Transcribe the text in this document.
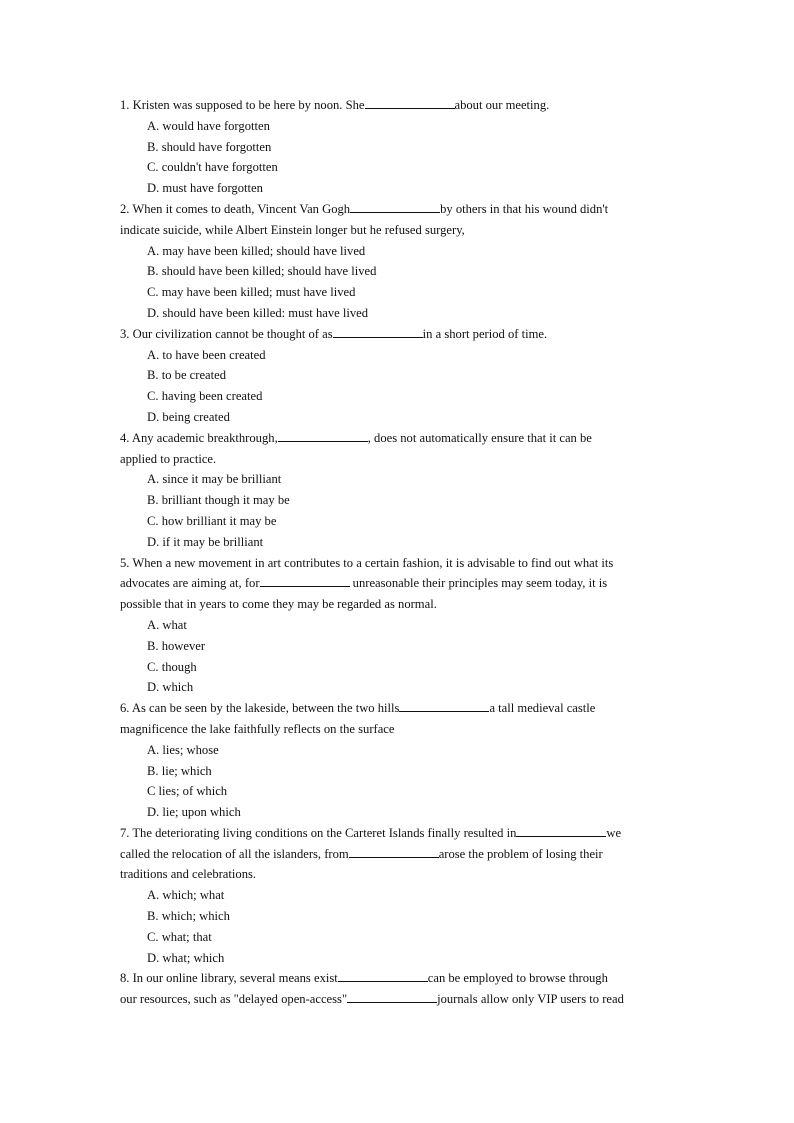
1. Kristen was supposed to be here by noon. She	about our meeting.
A. would have forgotten
B. should have forgotten
C. couldn't have forgotten
D. must have forgotten
2. When it comes to death, Vincent Van Gogh	by others in that his wound didn't
indicate suicide, while Albert Einstein longer but he refused surgery,
A. may have been killed; should have lived
B. should have been killed; should have lived
C. may have been killed; must have lived
D. should have been killed: must have lived
3. Our civilization cannot be thought of as	in a short period of time.
A. to have been created
B. to be created
C. having been created
D. being created
4. Any academic breakthrough,	, does not automatically ensure that it can be
applied to practice.
A. since it may be brilliant
B. brilliant though it may be
C. how brilliant it may be
D. if it may be brilliant
5. When a new movement in art contributes to a certain fashion, it is advisable to find out what its
advocates are aiming at, for	unreasonable their principles may seem today, it is
possible that in years to come they may be regarded as normal.
A. what
B. however
C. though
D. which
6. As can be seen by the lakeside, between the two hills	a tall medieval castle
magnificence the lake faithfully reflects on the surface
A. lies; whose
B. lie; which
C lies; of which
D. lie; upon which
7. The deteriorating living conditions on the Carteret Islands finally resulted in	we
called the relocation of all the islanders, from	arose the problem of losing their
traditions and celebrations.
A. which; what
B. which; which
C. what; that
D. what; which
8. In our online library, several means exist	can be employed to browse through
our resources, such as "delayed open-access"	journals allow only VIP users to read
